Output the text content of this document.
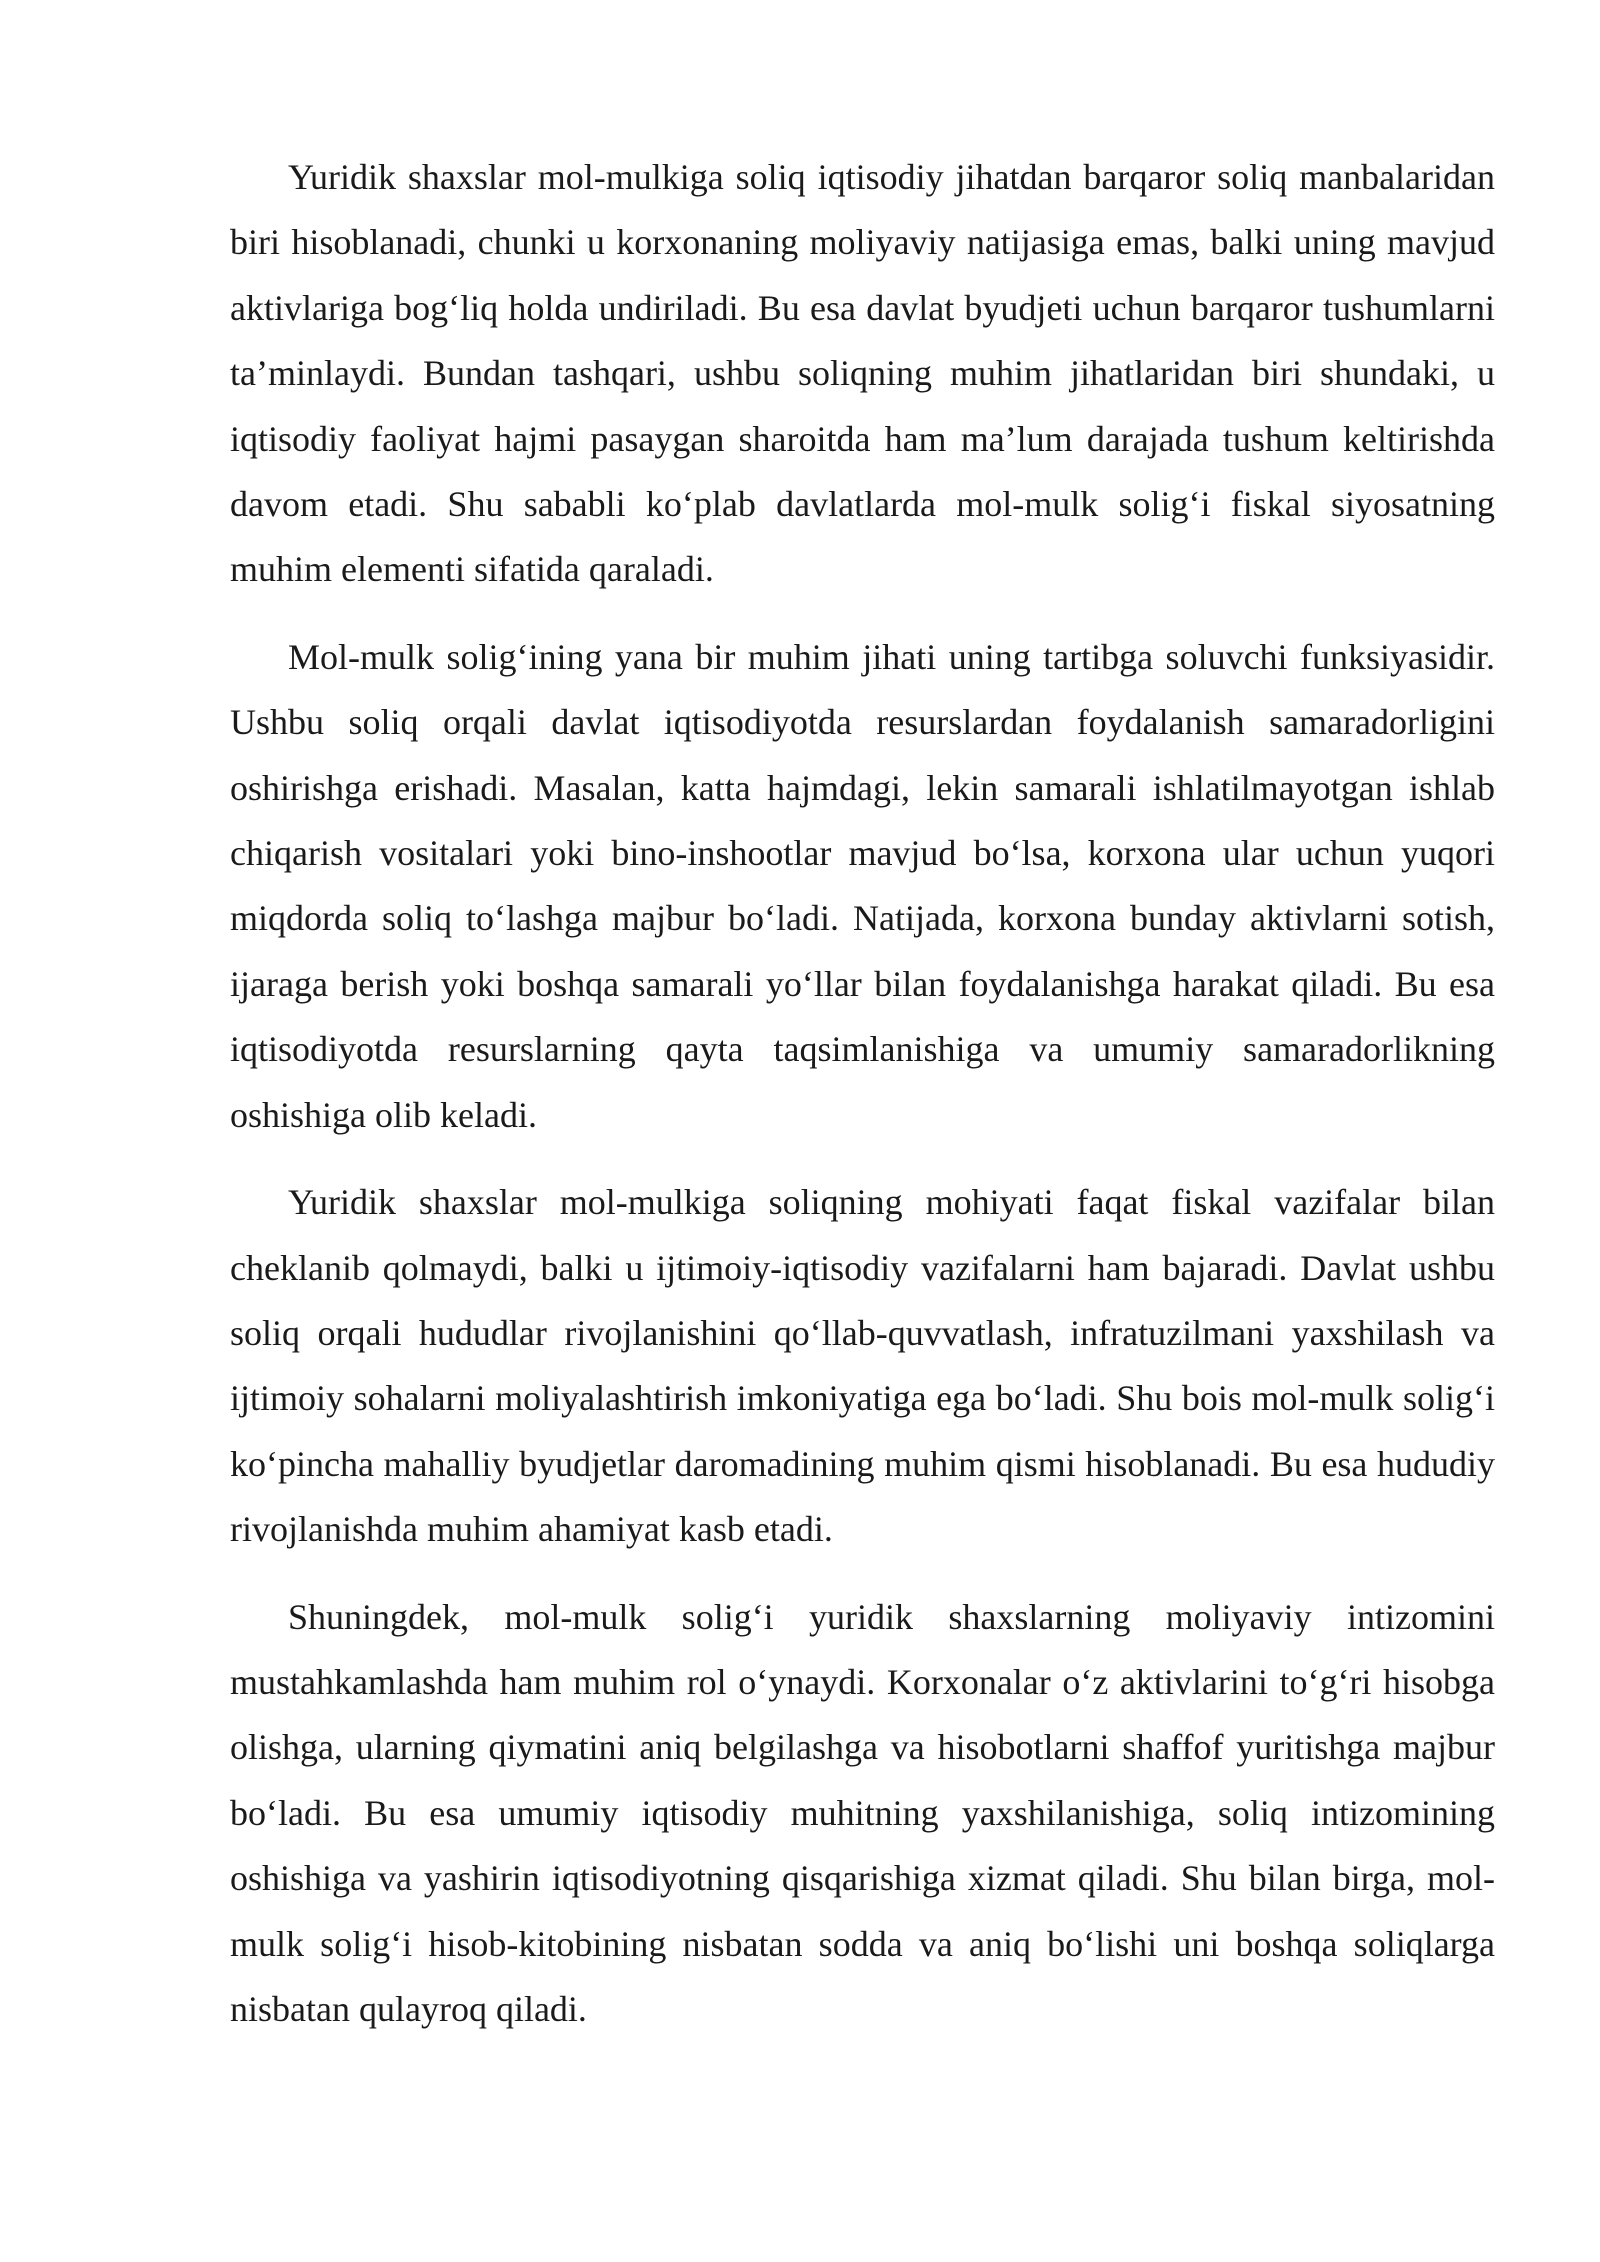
Yuridik shaxslar mol-mulkiga soliq iqtisodiy jihatdan barqaror soliq manbalaridan biri hisoblanadi, chunki u korxonaning moliyaviy natijasiga emas, balki uning mavjud aktivlariga bog‘liq holda undiriladi. Bu esa davlat byudjeti uchun barqaror tushumlarni ta’minlaydi. Bundan tashqari, ushbu soliqning muhim jihatlaridan biri shundaki, u iqtisodiy faoliyat hajmi pasaygan sharoitda ham ma’lum darajada tushum keltirishda davom etadi. Shu sababli ko‘plab davlatlarda mol-mulk solig‘i fiskal siyosatning muhim elementi sifatida qaraladi.

Mol-mulk solig‘ining yana bir muhim jihati uning tartibga soluvchi funksiyasidir. Ushbu soliq orqali davlat iqtisodiyotda resurslardan foydalanish samaradorligini oshirishga erishadi. Masalan, katta hajmdagi, lekin samarali ishlatilmayotgan ishlab chiqarish vositalari yoki bino-inshootlar mavjud bo‘lsa, korxona ular uchun yuqori miqdorda soliq to‘lashga majbur bo‘ladi. Natijada, korxona bunday aktivlarni sotish, ijaraga berish yoki boshqa samarali yo‘llar bilan foydalanishga harakat qiladi. Bu esa iqtisodiyotda resurslarning qayta taqsimlanishiga va umumiy samaradorlikning oshishiga olib keladi.

Yuridik shaxslar mol-mulkiga soliqning mohiyati faqat fiskal vazifalar bilan cheklanib qolmaydi, balki u ijtimoiy-iqtisodiy vazifalarni ham bajaradi. Davlat ushbu soliq orqali hududlar rivojlanishini qo‘llab-quvvatlash, infratuzilmani yaxshilash va ijtimoiy sohalarni moliyalashtirish imkoniyatiga ega bo‘ladi. Shu bois mol-mulk solig‘i ko‘pincha mahalliy byudjetlar daromadining muhim qismi hisoblanadi. Bu esa hududiy rivojlanishda muhim ahamiyat kasb etadi.

Shuningdek, mol-mulk solig‘i yuridik shaxslarning moliyaviy intizomini mustahkamlashda ham muhim rol o‘ynaydi. Korxonalar o‘z aktivlarini to‘g‘ri hisobga olishga, ularning qiymatini aniq belgilashga va hisobotlarni shaffof yuritishga majbur bo‘ladi. Bu esa umumiy iqtisodiy muhitning yaxshilanishiga, soliq intizomining oshishiga va yashirin iqtisodiyotning qisqarishiga xizmat qiladi. Shu bilan birga, mol-mulk solig‘i hisob-kitobining nisbatan sodda va aniq bo‘lishi uni boshqa soliqlarga nisbatan qulayroq qiladi.
